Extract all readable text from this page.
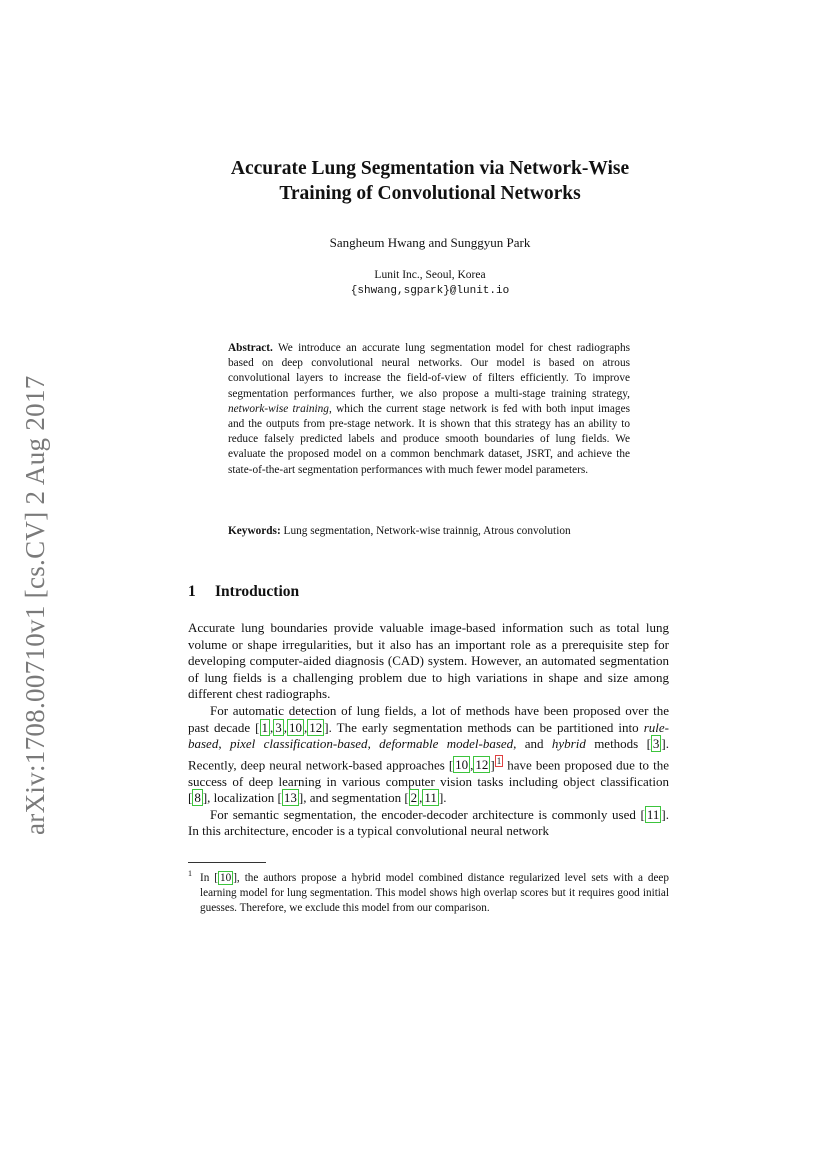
arXiv:1708.00710v1 [cs.CV] 2 Aug 2017
Accurate Lung Segmentation via Network-Wise
Training of Convolutional Networks
Sangheum Hwang and Sunggyun Park
Lunit Inc., Seoul, Korea
{shwang,sgpark}@lunit.io
Abstract. We introduce an accurate lung segmentation model for chest radiographs based on deep convolutional neural networks. Our model is based on atrous convolutional layers to increase the field-of-view of filters efficiently. To improve segmentation performances further, we also propose a multi-stage training strategy, network-wise training, which the current stage network is fed with both input images and the outputs from pre-stage network. It is shown that this strategy has an ability to reduce falsely predicted labels and produce smooth boundaries of lung fields. We evaluate the proposed model on a common benchmark dataset, JSRT, and achieve the state-of-the-art segmentation performances with much fewer model parameters.
Keywords: Lung segmentation, Network-wise trainnig, Atrous convolution
1 Introduction

Accurate lung boundaries provide valuable image-based information such as total lung volume or shape irregularities, but it also has an important role as a prerequisite step for developing computer-aided diagnosis (CAD) system. However, an automated segmentation of lung fields is a challenging problem due to high variations in shape and size among different chest radiographs.

For automatic detection of lung fields, a lot of methods have been proposed over the past decade [ 1 , 3 , 10 , 12 ]. The early segmentation methods can be partitioned into rule-based, pixel classification-based, deformable model-based, and hybrid methods [ 3 ]. Recently, deep neural network-based approaches [ 10 , 12 ] $^1$ have been proposed due to the success of deep learning in various computer vision tasks including object classification [ 8 ], localization [ 13 ], and segmentation [ 2 , 11 ].

For semantic segmentation, the encoder-decoder architecture is commonly used [ 11 ]. In this architecture, encoder is a typical convolutional neural network

$^1$ In [ 10 ], the authors propose a hybrid model combined distance regularized level sets with a deep learning model for lung segmentation. This model shows high overlap scores but it requires good initial guesses. Therefore, we exclude this model from our comparison.
